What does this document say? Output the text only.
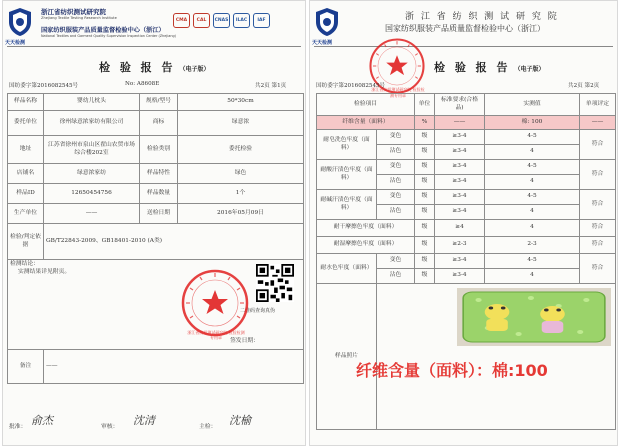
天天检测
浙江省纺织测试研究院
Zhejiang Textile Testing Research Institute
国家纺织服装产品质量监督检验中心（浙江）
National Textiles and Garment Quality Supervision Inspection Center (Zhejiang)
CMA	CAL	CNAS	ILAC	IAF
检 验 报 告 （电子版）
国纺委字第2016082545号	No: A8608E	共2页 第1页
样品名称	婴幼儿枕头	规格/型号	50*30cm
委托单位	徐州绿意浓家纺有限公司	商标	绿意浓
地址	江苏省徐州市泉山区翟山农贸市场综合楼202室	检验类别	委托检验
店铺名	绿意浓家纺	样品特性	绿色
样品ID	12650454756	样品数量	1个
生产单位	——	送检日期	2016年05月09日
检验/判定依据	GB/T22843-2009、GB18401-2010 (A类)		

检测结论：
实测结果详见附页。
二维码查询真伪
浙江省纺织测试研究院 检验检测专用章
签发日期：			

备注	——		
批准： 俞杰	审核： 沈清	主检： 沈榆
天天检测
浙 江 省 纺 织 测 试 研 究 院
国家纺织服装产品质量监督检验中心（浙江）
浙江省纺织测试研究院 检验检测专用章
检 验 报 告 （电子版）
国纺委字第2016082545号	共2页 第2页
检验项目		单位	标准要求(合格品)	实测值	单项评定
纤维含量（面料）		%	——	棉: 100	——
耐皂洗色牢度（面料）	变色	级	≥3-4	4-5	符合
	沾色	级	≥3-4	4	
耐酸汗渍色牢度（面料）	变色	级	≥3-4	4-5	符合
	沾色	级	≥3-4	4	
耐碱汗渍色牢度（面料）	变色	级	≥3-4	4-5	符合
	沾色	级	≥3-4	4	
耐干摩擦色牢度（面料）		级	≥4	4	符合
耐湿摩擦色牢度（面料）		级	≥2-3	2-3	符合
耐水色牢度（面料）	变色	级	≥3-4	4-5	符合
	沾色	级	≥3-4	4	
样品照片	
纤维含量（面料）：棉:100
